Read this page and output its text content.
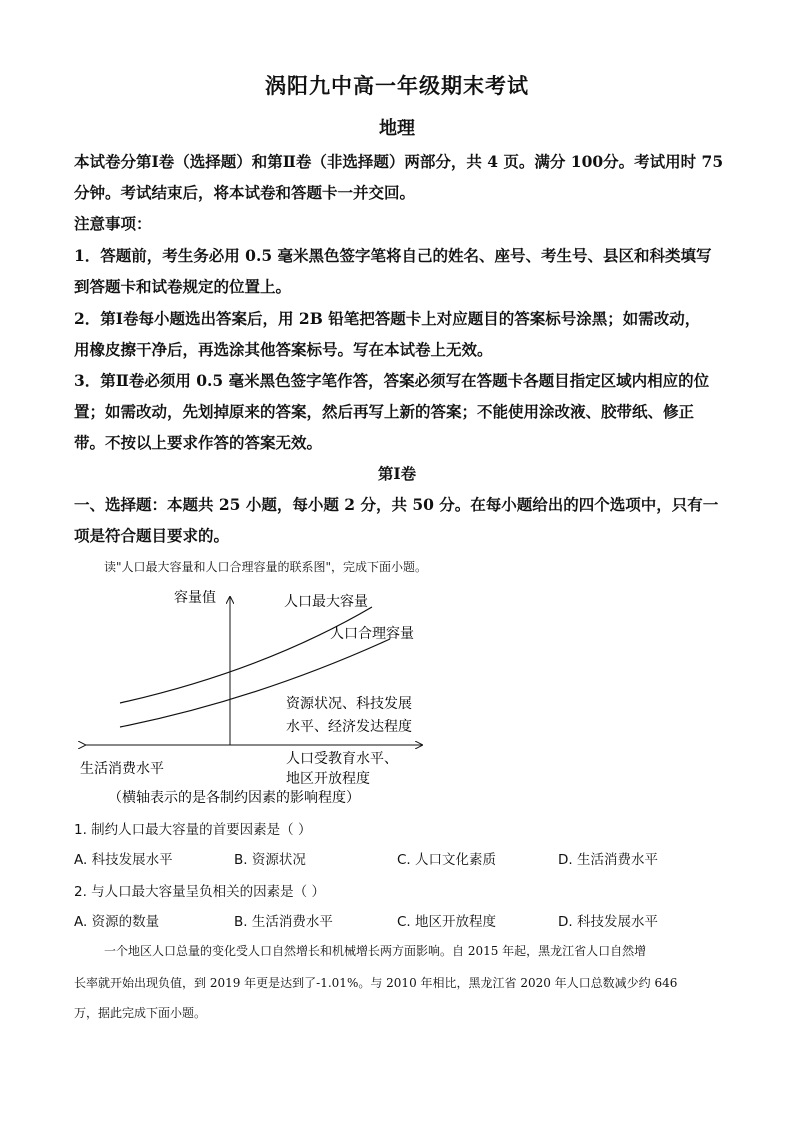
涡阳九中高一年级期末考试
地理
本试卷分第Ⅰ卷（选择题）和第Ⅱ卷（非选择题）两部分，共 4 页。满分 100分。考试用时 75
分钟。考试结束后，将本试卷和答题卡一并交回。
注意事项：
1．答题前，考生务必用 0.5 毫米黑色签字笔将自己的姓名、座号、考生号、县区和科类填写
到答题卡和试卷规定的位置上。
2．第Ⅰ卷每小题选出答案后，用 2B 铅笔把答题卡上对应题目的答案标号涂黑；如需改动，
用橡皮擦干净后，再选涂其他答案标号。写在本试卷上无效。
3．第Ⅱ卷必须用 0.5 毫米黑色签字笔作答，答案必须写在答题卡各题目指定区域内相应的位
置；如需改动，先划掉原来的答案，然后再写上新的答案；不能使用涂改液、胶带纸、修正
带。不按以上要求作答的答案无效。
第Ⅰ卷
一、选择题：本题共 25 小题，每小题 2 分，共 50 分。在每小题给出的四个选项中，只有一
项是符合题目要求的。
读"人口最大容量和人口合理容量的联系图"，完成下面小题。
容量值	人口最大容量
人口合理容量
资源状况、科技发展
水平、经济发达程度
人口受教育水平、
地区开放程度
生活消费水平
（横轴表示的是各制约因素的影响程度）
1. 制约人口最大容量的首要因素是（ ）
A. 科技发展水平	B. 资源状况	C. 人口文化素质	D. 生活消费水平
2. 与人口最大容量呈负相关的因素是（ ）
A. 资源的数量	B. 生活消费水平	C. 地区开放程度	D. 科技发展水平
一个地区人口总量的变化受人口自然增长和机械增长两方面影响。自 2015 年起，黑龙江省人口自然增
长率就开始出现负值，到 2019 年更是达到了-1.01%。与 2010 年相比，黑龙江省 2020 年人口总数减少约 646
万，据此完成下面小题。
